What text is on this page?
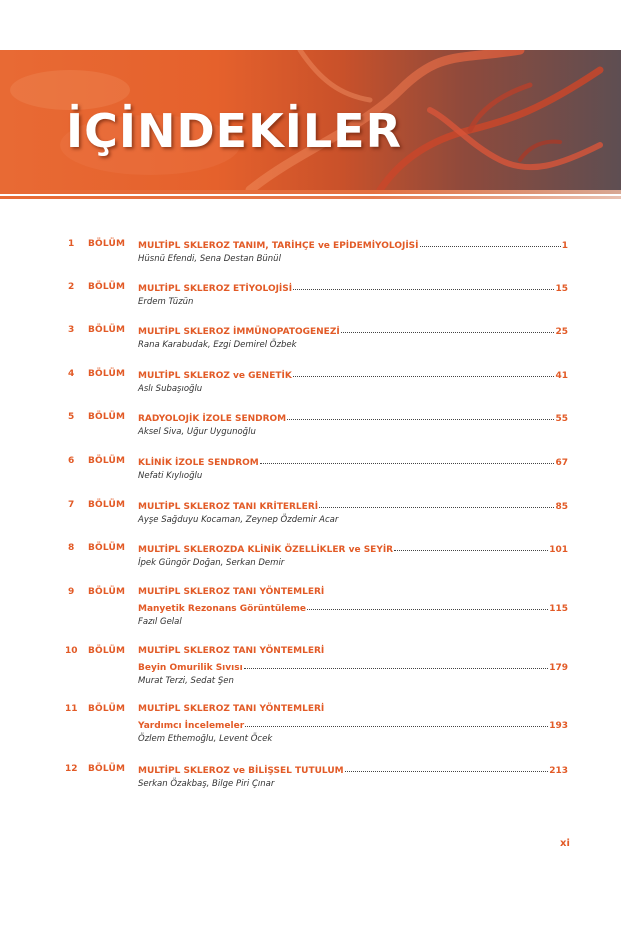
İÇİNDEKİLER
1 BÖLÜM MULTİPL SKLEROZ TANIM, TARİHÇE ve EPİDEMİYOLOJİSİ	1
Hüsnü Efendi, Sena Destan Bünül
2 BÖLÜM MULTİPL SKLEROZ ETİYOLOJİSİ	15
Erdem Tüzün
3 BÖLÜM MULTİPL SKLEROZ İMMÜNOPATOGENEZİ	25
Rana Karabudak, Ezgi Demirel Özbek
4 BÖLÜM MULTİPL SKLEROZ ve GENETİK	41
Aslı Subaşıoğlu
5 BÖLÜM RADYOLOJİK İZOLE SENDROM	55
Aksel Siva, Uğur Uygunoğlu
6 BÖLÜM KLİNİK İZOLE SENDROM	67
Nefati Kıylıoğlu
7 BÖLÜM MULTİPL SKLEROZ TANI KRİTERLERİ	85
Ayşe Sağduyu Kocaman, Zeynep Özdemir Acar
8 BÖLÜM MULTİPL SKLEROZDA KLİNİK ÖZELLİKLER ve SEYİR	101
İpek Güngör Doğan, Serkan Demir
9 BÖLÜM MULTİPL SKLEROZ TANI YÖNTEMLERİ
Manyetik Rezonans Görüntüleme	115
Fazıl Gelal
10 BÖLÜM MULTİPL SKLEROZ TANI YÖNTEMLERİ
Beyin Omurilik Sıvısı	179
Murat Terzi, Sedat Şen
11 BÖLÜM MULTİPL SKLEROZ TANI YÖNTEMLERİ
Yardımcı İncelemeler	193
Özlem Ethemoğlu, Levent Öcek
12 BÖLÜM MULTİPL SKLEROZ ve BİLİŞSEL TUTULUM	213
Serkan Özakbaş, Bilge Piri Çınar
xi
